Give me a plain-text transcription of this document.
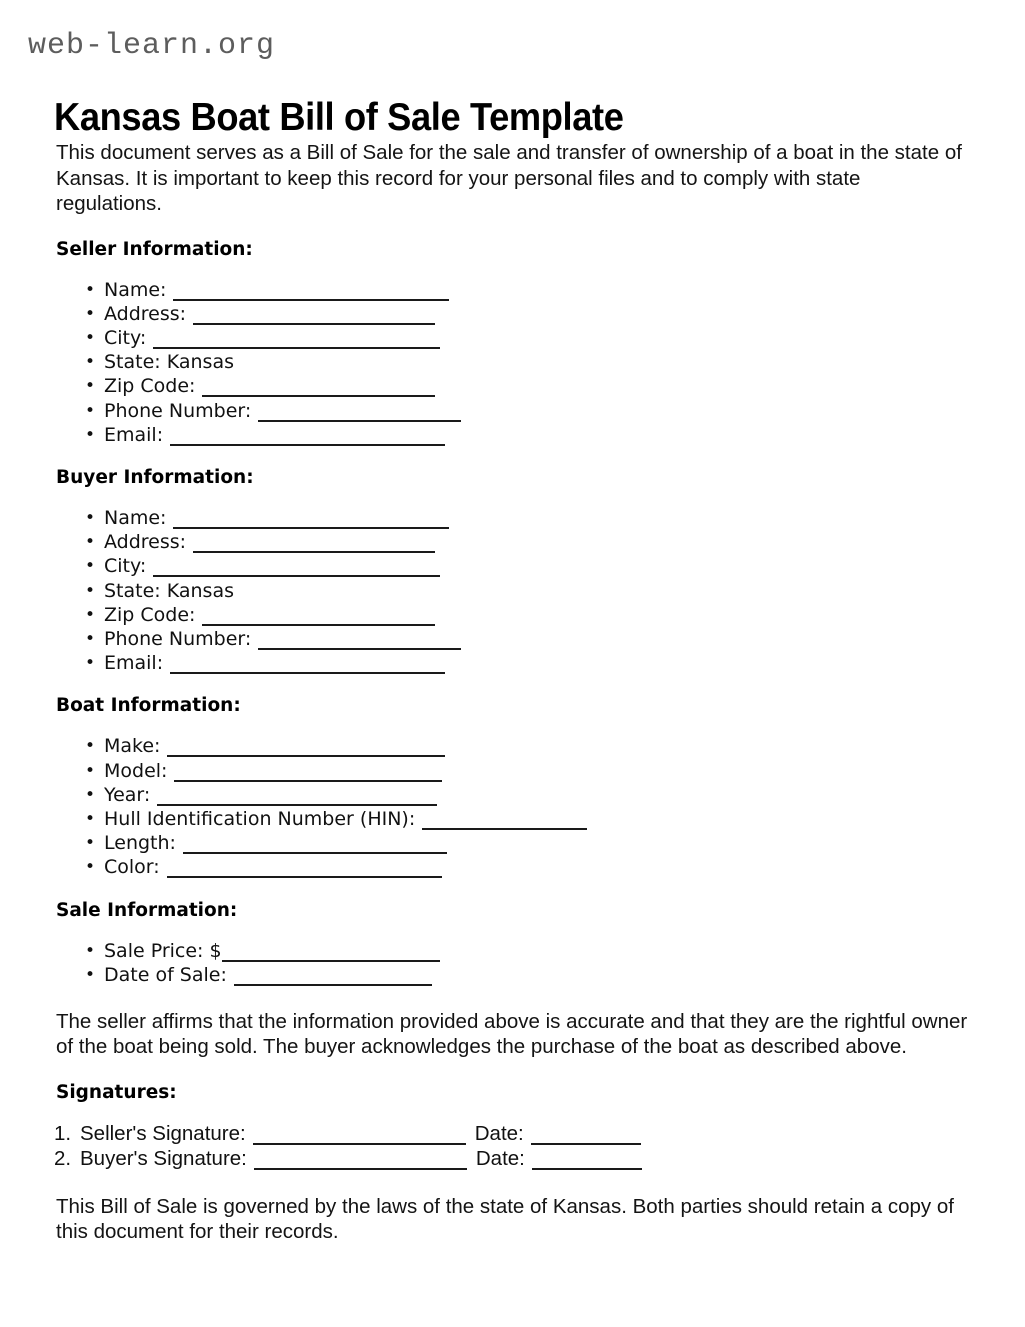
web-learn.org
Kansas Boat Bill of Sale Template

This document serves as a Bill of Sale for the sale and transfer of ownership of a boat in the state of Kansas. It is important to keep this record for your personal files and to comply with state regulations.

Seller Information:
• Name:
• Address:
• City:
• State: Kansas
• Zip Code:
• Phone Number:
• Email:
Buyer Information:
• Name:
• Address:
• City:
• State: Kansas
• Zip Code:
• Phone Number:
• Email:
Boat Information:
• Make:
• Model:
• Year:
• Hull Identification Number (HIN):
• Length:
• Color:
Sale Information:
• Sale Price: $
• Date of Sale:

The seller affirms that the information provided above is accurate and that they are the rightful owner of the boat being sold. The buyer acknowledges the purchase of the boat as described above.

Signatures:
Seller's Signature:	Date:
Buyer's Signature:	Date:

This Bill of Sale is governed by the laws of the state of Kansas. Both parties should retain a copy of this document for their records.
